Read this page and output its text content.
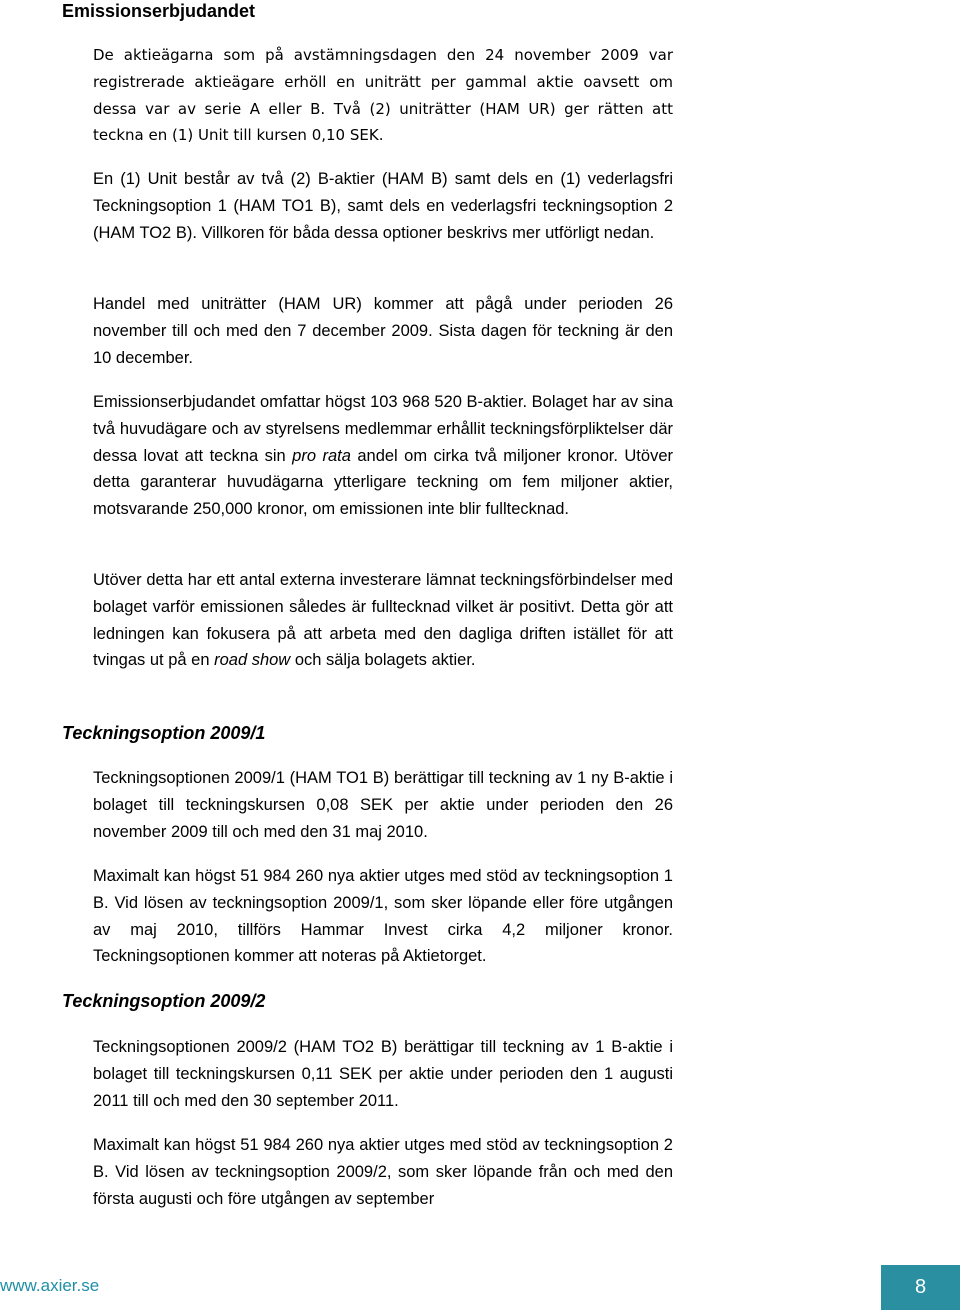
Emissionserbjudandet

De aktieägarna som på avstämningsdagen den 24 november 2009 var registrerade aktieägare erhöll en uniträtt per gammal aktie oavsett om dessa var av serie A eller B. Två (2) uniträtter (HAM UR) ger rätten att teckna en (1) Unit till kursen 0,10 SEK.

En (1) Unit består av två (2) B-aktier (HAM B) samt dels en (1) vederlagsfri Teckningsoption 1 (HAM TO1 B), samt dels en vederlagsfri teckningsoption 2 (HAM TO2 B). Villkoren för båda dessa optioner beskrivs mer utförligt nedan.

Handel med uniträtter (HAM UR) kommer att pågå under perioden 26 november till och med den 7 december 2009. Sista dagen för teckning är den 10 december.

Emissionserbjudandet omfattar högst 103 968 520 B-aktier. Bolaget har av sina två huvudägare och av styrelsens medlemmar erhållit teckningsförpliktelser där dessa lovat att teckna sin pro rata andel om cirka två miljoner kronor. Utöver detta garanterar huvudägarna ytterligare teckning om fem miljoner aktier, motsvarande 250,000 kronor, om emissionen inte blir fulltecknad.

Utöver detta har ett antal externa investerare lämnat teckningsförbindelser med bolaget varför emissionen således är fulltecknad vilket är positivt. Detta gör att ledningen kan fokusera på att arbeta med den dagliga driften istället för att tvingas ut på en road show och sälja bolagets aktier.

Teckningsoption 2009/1

Teckningsoptionen 2009/1 (HAM TO1 B) berättigar till teckning av 1 ny B-aktie i bolaget till teckningskursen 0,08 SEK per aktie under perioden den 26 november 2009 till och med den 31 maj 2010.

Maximalt kan högst 51 984 260 nya aktier utges med stöd av teckningsoption 1 B. Vid lösen av teckningsoption 2009/1, som sker löpande eller före utgången av maj 2010, tillförs Hammar Invest cirka 4,2 miljoner kronor. Teckningsoptionen kommer att noteras på Aktietorget.

Teckningsoption 2009/2

Teckningsoptionen 2009/2 (HAM TO2 B) berättigar till teckning av 1 B-aktie i bolaget till teckningskursen 0,11 SEK per aktie under perioden den 1 augusti 2011 till och med den 30 september 2011.

Maximalt kan högst 51 984 260 nya aktier utges med stöd av teckningsoption 2 B. Vid lösen av teckningsoption 2009/2, som sker löpande från och med den första augusti och före utgången av september

www.axier.se	8
